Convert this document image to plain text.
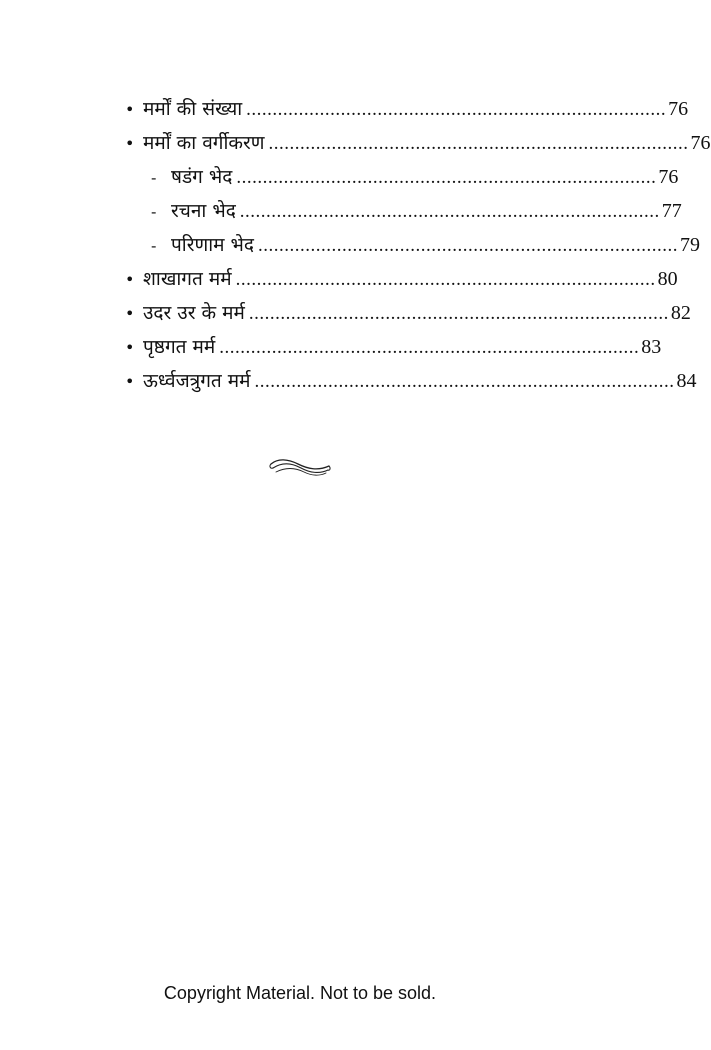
• मर्मों की संख्या ................................................................................ 76
• मर्मों का वर्गीकरण ................................................................................ 76
- षडंग भेद ................................................................................ 76
- रचना भेद ................................................................................ 77
- परिणाम भेद ................................................................................ 79
• शाखागत मर्म ................................................................................ 80
• उदर उर के मर्म ................................................................................ 82
• पृष्ठगत मर्म ................................................................................ 83
• ऊर्ध्वजत्रुगत मर्म ................................................................................ 84
Copyright Material. Not to be sold.
